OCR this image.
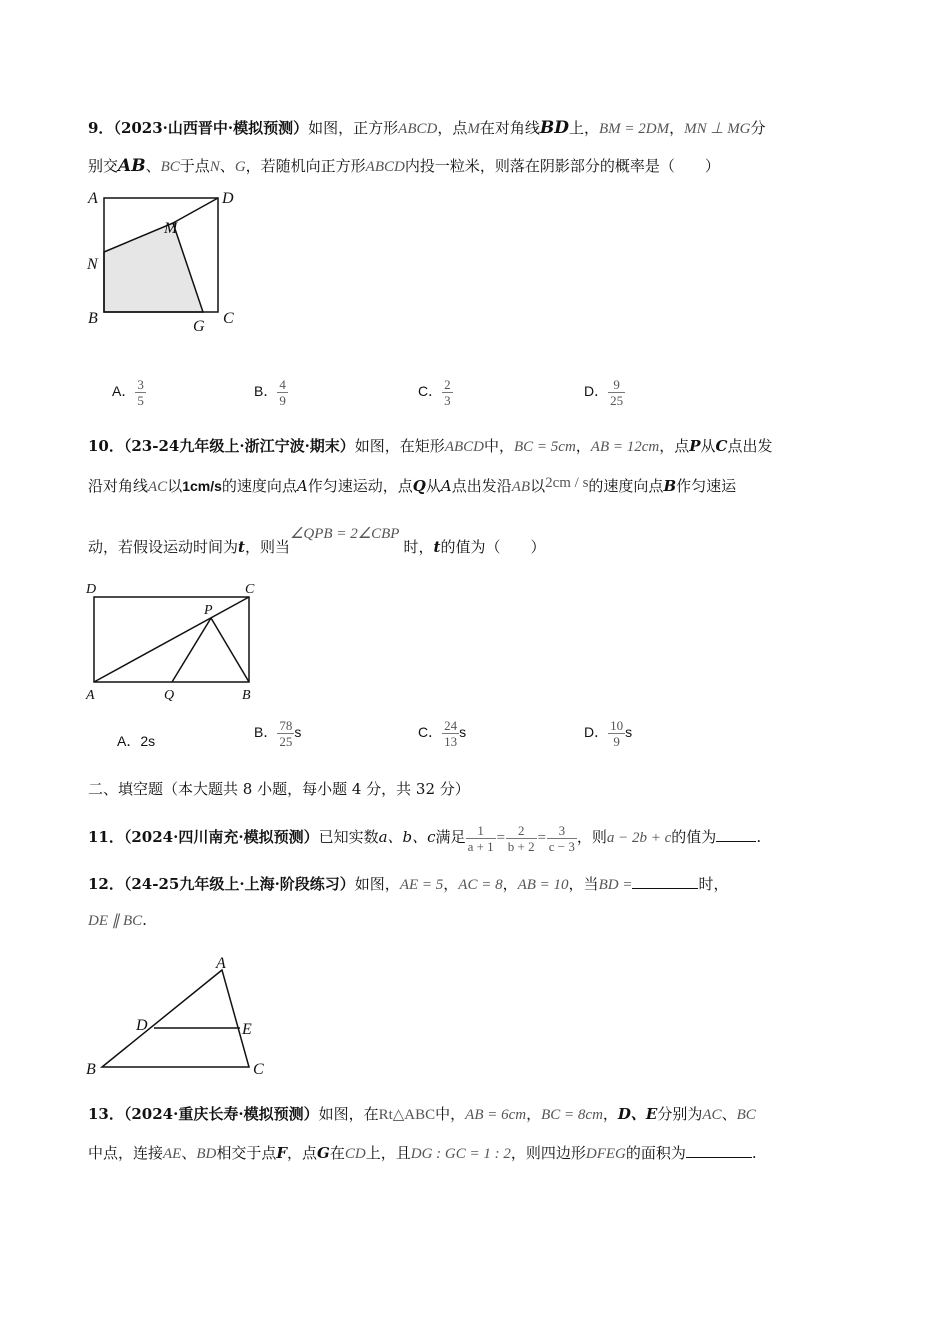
9．（2023·山西晋中·模拟预测）如图，正方形ABCD，点M在对角线BD上，BM = 2DM，MN ⊥ MG分
别交AB、BC于点N、G，若随机向正方形ABCD内投一粒米，则落在阴影部分的概率是（　　）
A	D
M
N
B	G C
A． $\frac{3}{5}$	B． $\frac{4}{9}$	C． $\frac{2}{3}$	D． $\frac{9}{25}$
10．（23-24九年级上·浙江宁波·期末）如图，在矩形ABCD中，BC = 5cm，AB = 12cm，点P从C点出发
沿对角线AC以1cm/s的速度向点A作匀速运动，点Q从A点出发沿AB以2cm / s的速度向点B作匀速运
动，若假设运动时间为t，则当∠QPB = 2∠CBP时，t的值为（　　）
D	C
P
A	Q	B
A．2s
B． $\frac{78}{25}$ s	C． $\frac{24}{13}$ s	D． $\frac{10}{9}$ s
二、填空题（本大题共 8 小题，每小题 4 分，共 32 分）
11．（2024·四川南充·模拟预测）已知实数a、b、c满足 $\frac{1}{a + 1} = \frac{2}{b + 2} = \frac{3}{c - 3}$ ，则a − 2b + c的值为	.
12．（24-25九年级上·上海·阶段练习）如图，AE = 5，AC = 8，AB = 10，当BD =	时，
DE ∥ BC.
A
D	E
B	C
13．（2024·重庆长寿·模拟预测）如图，在Rt△ABC中，AB = 6cm，BC = 8cm，D、E分别为AC、BC
中点，连接AE、BD相交于点F，点G在CD上，且DG : GC = 1 : 2，则四边形DFEG的面积为	.
